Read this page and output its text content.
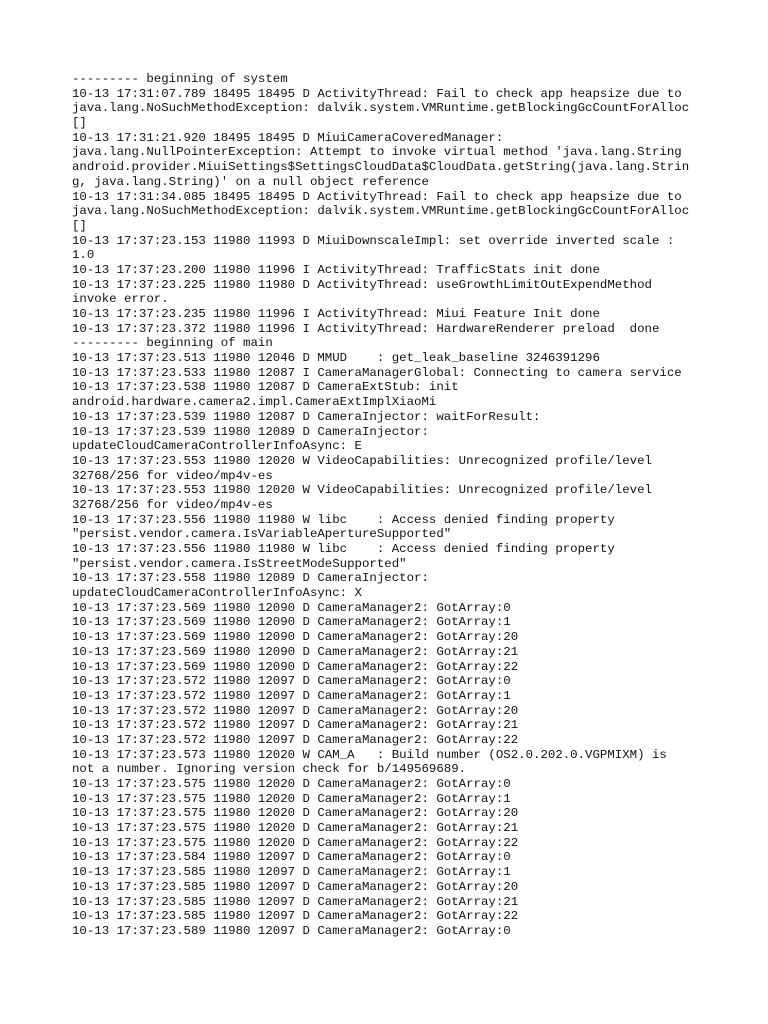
--------- beginning of system
10-13 17:31:07.789 18495 18495 D ActivityThread: Fail to check app heapsize due to
java.lang.NoSuchMethodException: dalvik.system.VMRuntime.getBlockingGcCountForAlloc
[]
10-13 17:31:21.920 18495 18495 D MiuiCameraCoveredManager:
java.lang.NullPointerException: Attempt to invoke virtual method 'java.lang.String
android.provider.MiuiSettings$SettingsCloudData$CloudData.getString(java.lang.Strin
g, java.lang.String)' on a null object reference
10-13 17:31:34.085 18495 18495 D ActivityThread: Fail to check app heapsize due to
java.lang.NoSuchMethodException: dalvik.system.VMRuntime.getBlockingGcCountForAlloc
[]
10-13 17:37:23.153 11980 11993 D MiuiDownscaleImpl: set override inverted scale :
1.0
10-13 17:37:23.200 11980 11996 I ActivityThread: TrafficStats init done
10-13 17:37:23.225 11980 11980 D ActivityThread: useGrowthLimitOutExpendMethod
invoke error.
10-13 17:37:23.235 11980 11996 I ActivityThread: Miui Feature Init done
10-13 17:37:23.372 11980 11996 I ActivityThread: HardwareRenderer preload  done
--------- beginning of main
10-13 17:37:23.513 11980 12046 D MMUD    : get_leak_baseline 3246391296
10-13 17:37:23.533 11980 12087 I CameraManagerGlobal: Connecting to camera service
10-13 17:37:23.538 11980 12087 D CameraExtStub: init
android.hardware.camera2.impl.CameraExtImplXiaoMi
10-13 17:37:23.539 11980 12087 D CameraInjector: waitForResult:
10-13 17:37:23.539 11980 12089 D CameraInjector:
updateCloudCameraControllerInfoAsync: E
10-13 17:37:23.553 11980 12020 W VideoCapabilities: Unrecognized profile/level
32768/256 for video/mp4v-es
10-13 17:37:23.553 11980 12020 W VideoCapabilities: Unrecognized profile/level
32768/256 for video/mp4v-es
10-13 17:37:23.556 11980 11980 W libc    : Access denied finding property
"persist.vendor.camera.IsVariableApertureSupported"
10-13 17:37:23.556 11980 11980 W libc    : Access denied finding property
"persist.vendor.camera.IsStreetModeSupported"
10-13 17:37:23.558 11980 12089 D CameraInjector:
updateCloudCameraControllerInfoAsync: X
10-13 17:37:23.569 11980 12090 D CameraManager2: GotArray:0
10-13 17:37:23.569 11980 12090 D CameraManager2: GotArray:1
10-13 17:37:23.569 11980 12090 D CameraManager2: GotArray:20
10-13 17:37:23.569 11980 12090 D CameraManager2: GotArray:21
10-13 17:37:23.569 11980 12090 D CameraManager2: GotArray:22
10-13 17:37:23.572 11980 12097 D CameraManager2: GotArray:0
10-13 17:37:23.572 11980 12097 D CameraManager2: GotArray:1
10-13 17:37:23.572 11980 12097 D CameraManager2: GotArray:20
10-13 17:37:23.572 11980 12097 D CameraManager2: GotArray:21
10-13 17:37:23.572 11980 12097 D CameraManager2: GotArray:22
10-13 17:37:23.573 11980 12020 W CAM_A   : Build number (OS2.0.202.0.VGPMIXM) is
not a number. Ignoring version check for b/149569689.
10-13 17:37:23.575 11980 12020 D CameraManager2: GotArray:0
10-13 17:37:23.575 11980 12020 D CameraManager2: GotArray:1
10-13 17:37:23.575 11980 12020 D CameraManager2: GotArray:20
10-13 17:37:23.575 11980 12020 D CameraManager2: GotArray:21
10-13 17:37:23.575 11980 12020 D CameraManager2: GotArray:22
10-13 17:37:23.584 11980 12097 D CameraManager2: GotArray:0
10-13 17:37:23.585 11980 12097 D CameraManager2: GotArray:1
10-13 17:37:23.585 11980 12097 D CameraManager2: GotArray:20
10-13 17:37:23.585 11980 12097 D CameraManager2: GotArray:21
10-13 17:37:23.585 11980 12097 D CameraManager2: GotArray:22
10-13 17:37:23.589 11980 12097 D CameraManager2: GotArray:0
